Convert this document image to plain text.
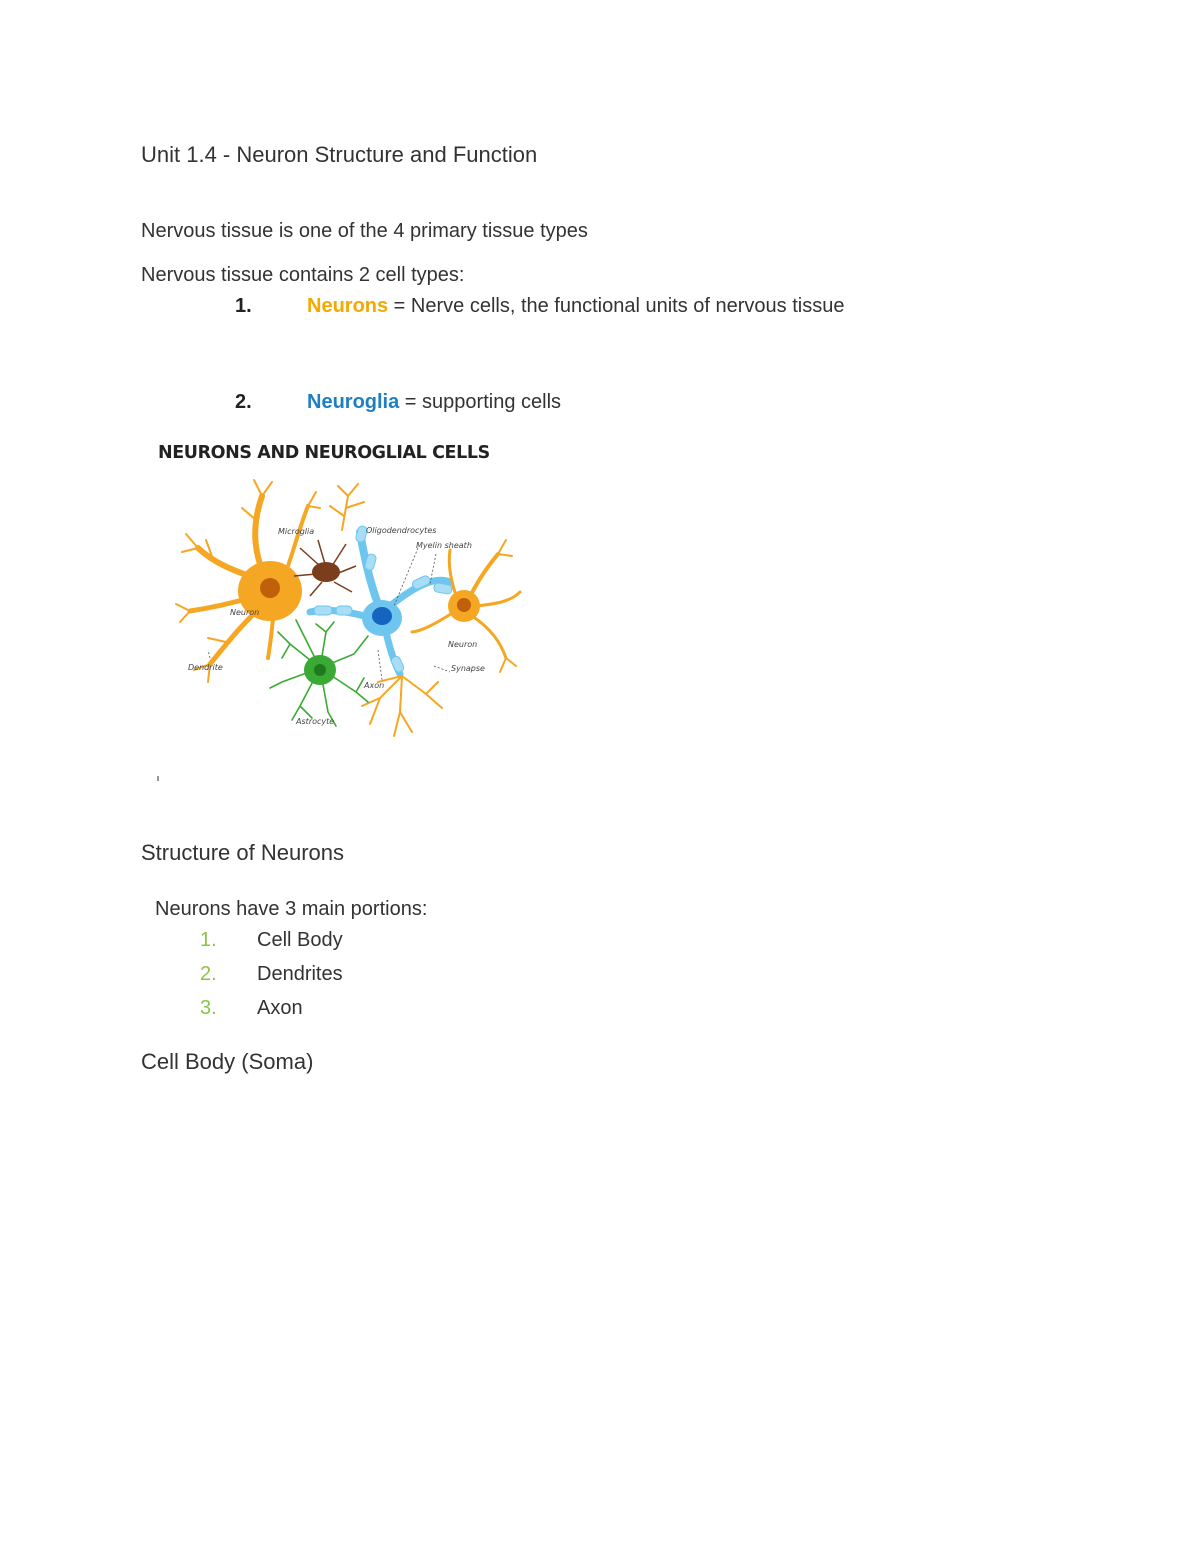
Unit 1.4 - Neuron Structure and Function
Nervous tissue is one of the 4 primary tissue types
Nervous tissue contains 2 cell types:
1.	Neurons = Nerve cells, the functional units of nervous tissue
2.	Neuroglia = supporting cells
NEURONS AND NEUROGLIAL CELLS
Microglia	Oligodendrocytes
Myelin sheath
Neuron
Neuron
Dendrite	Synapse
Axon
Astrocyte
Structure of Neurons
Neurons have 3 main portions:
1. Cell Body
2. Dendrites
3. Axon
Cell Body (Soma)
